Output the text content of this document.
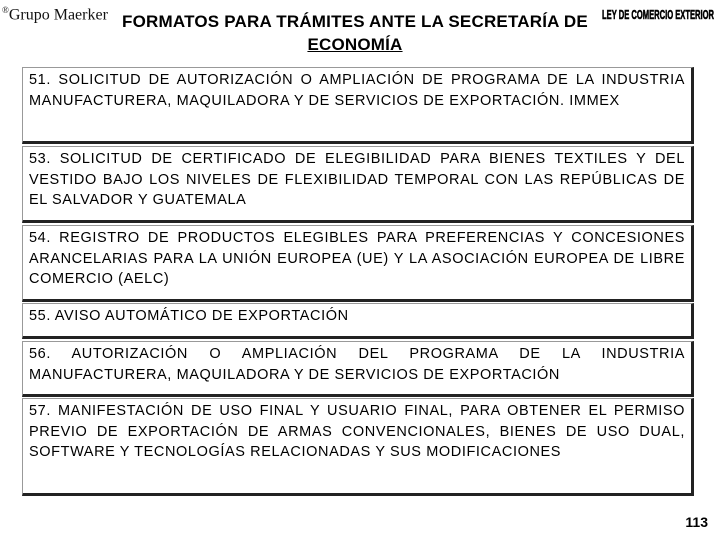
®Grupo Maerker	LEY DE COMERCIO EXTERIOR
FORMATOS PARA TRÁMITES ANTE LA SECRETARÍA DE
ECONOMÍA
51. SOLICITUD DE AUTORIZACIÓN O AMPLIACIÓN DE PROGRAMA DE LA INDUSTRIA MANUFACTURERA, MAQUILADORA Y DE SERVICIOS DE EXPORTACIÓN. IMMEX
53. SOLICITUD DE CERTIFICADO DE ELEGIBILIDAD PARA BIENES TEXTILES Y DEL VESTIDO BAJO LOS NIVELES DE FLEXIBILIDAD TEMPORAL CON LAS REPÚBLICAS DE EL SALVADOR Y GUATEMALA
54. REGISTRO DE PRODUCTOS ELEGIBLES PARA PREFERENCIAS Y CONCESIONES ARANCELARIAS PARA LA UNIÓN EUROPEA (UE) Y LA ASOCIACIÓN EUROPEA DE LIBRE COMERCIO (AELC)
55. AVISO AUTOMÁTICO DE EXPORTACIÓN
56. AUTORIZACIÓN O AMPLIACIÓN DEL PROGRAMA DE LA INDUSTRIA MANUFACTURERA, MAQUILADORA Y DE SERVICIOS DE EXPORTACIÓN
57. MANIFESTACIÓN DE USO FINAL Y USUARIO FINAL, PARA OBTENER EL PERMISO PREVIO DE EXPORTACIÓN DE ARMAS CONVENCIONALES, BIENES DE USO DUAL, SOFTWARE Y TECNOLOGÍAS RELACIONADAS Y SUS MODIFICACIONES
113
